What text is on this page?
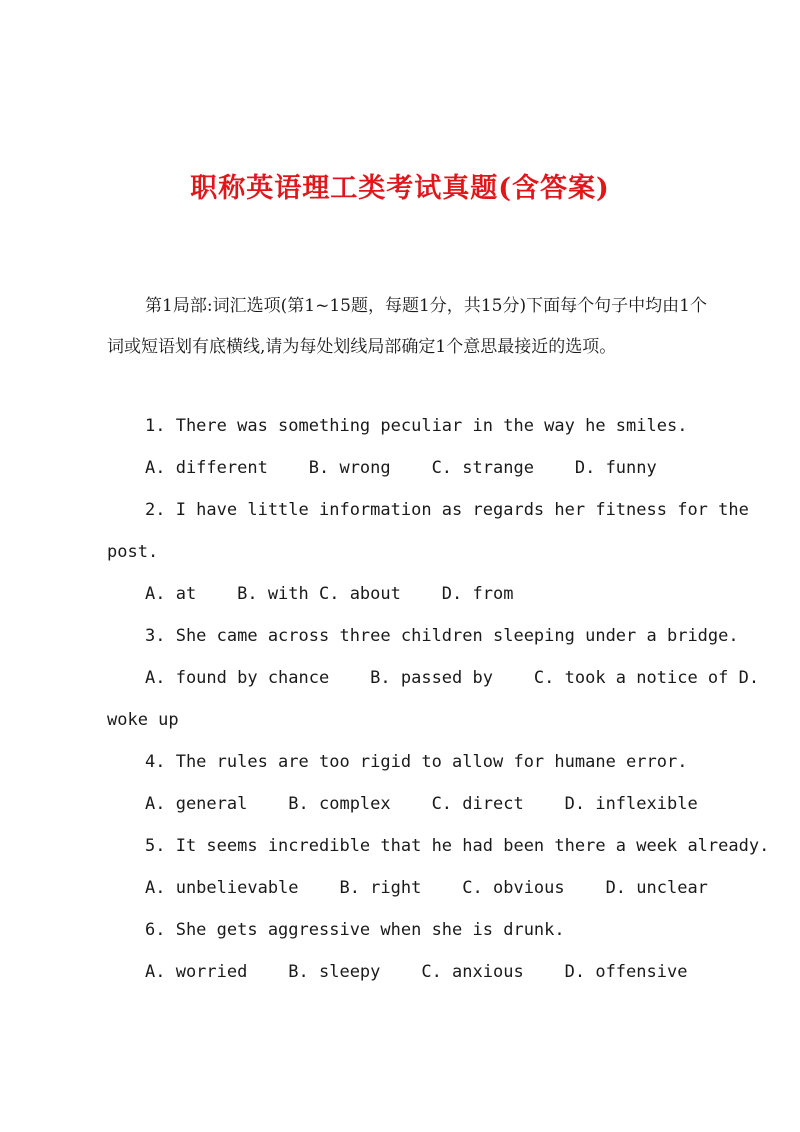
职称英语理工类考试真题(含答案)
第1局部:词汇选项(第1~15题，每题1分，共15分)下面每个句子中均由1个词或短语划有底横线,请为每处划线局部确定1个意思最接近的选项。
1. There was something peculiar in the way he smiles.
A. different    B. wrong    C. strange    D. funny
2. I have little information as regards her fitness for the
post.
A. at    B. with C. about    D. from
3. She came across three children sleeping under a bridge.
A. found by chance    B. passed by    C. took a notice of D.
woke up
4. The rules are too rigid to allow for humane error.
A. general    B. complex    C. direct    D. inflexible
5. It seems incredible that he had been there a week already.
A. unbelievable    B. right    C. obvious    D. unclear
6. She gets aggressive when she is drunk.
A. worried    B. sleepy    C. anxious    D. offensive
